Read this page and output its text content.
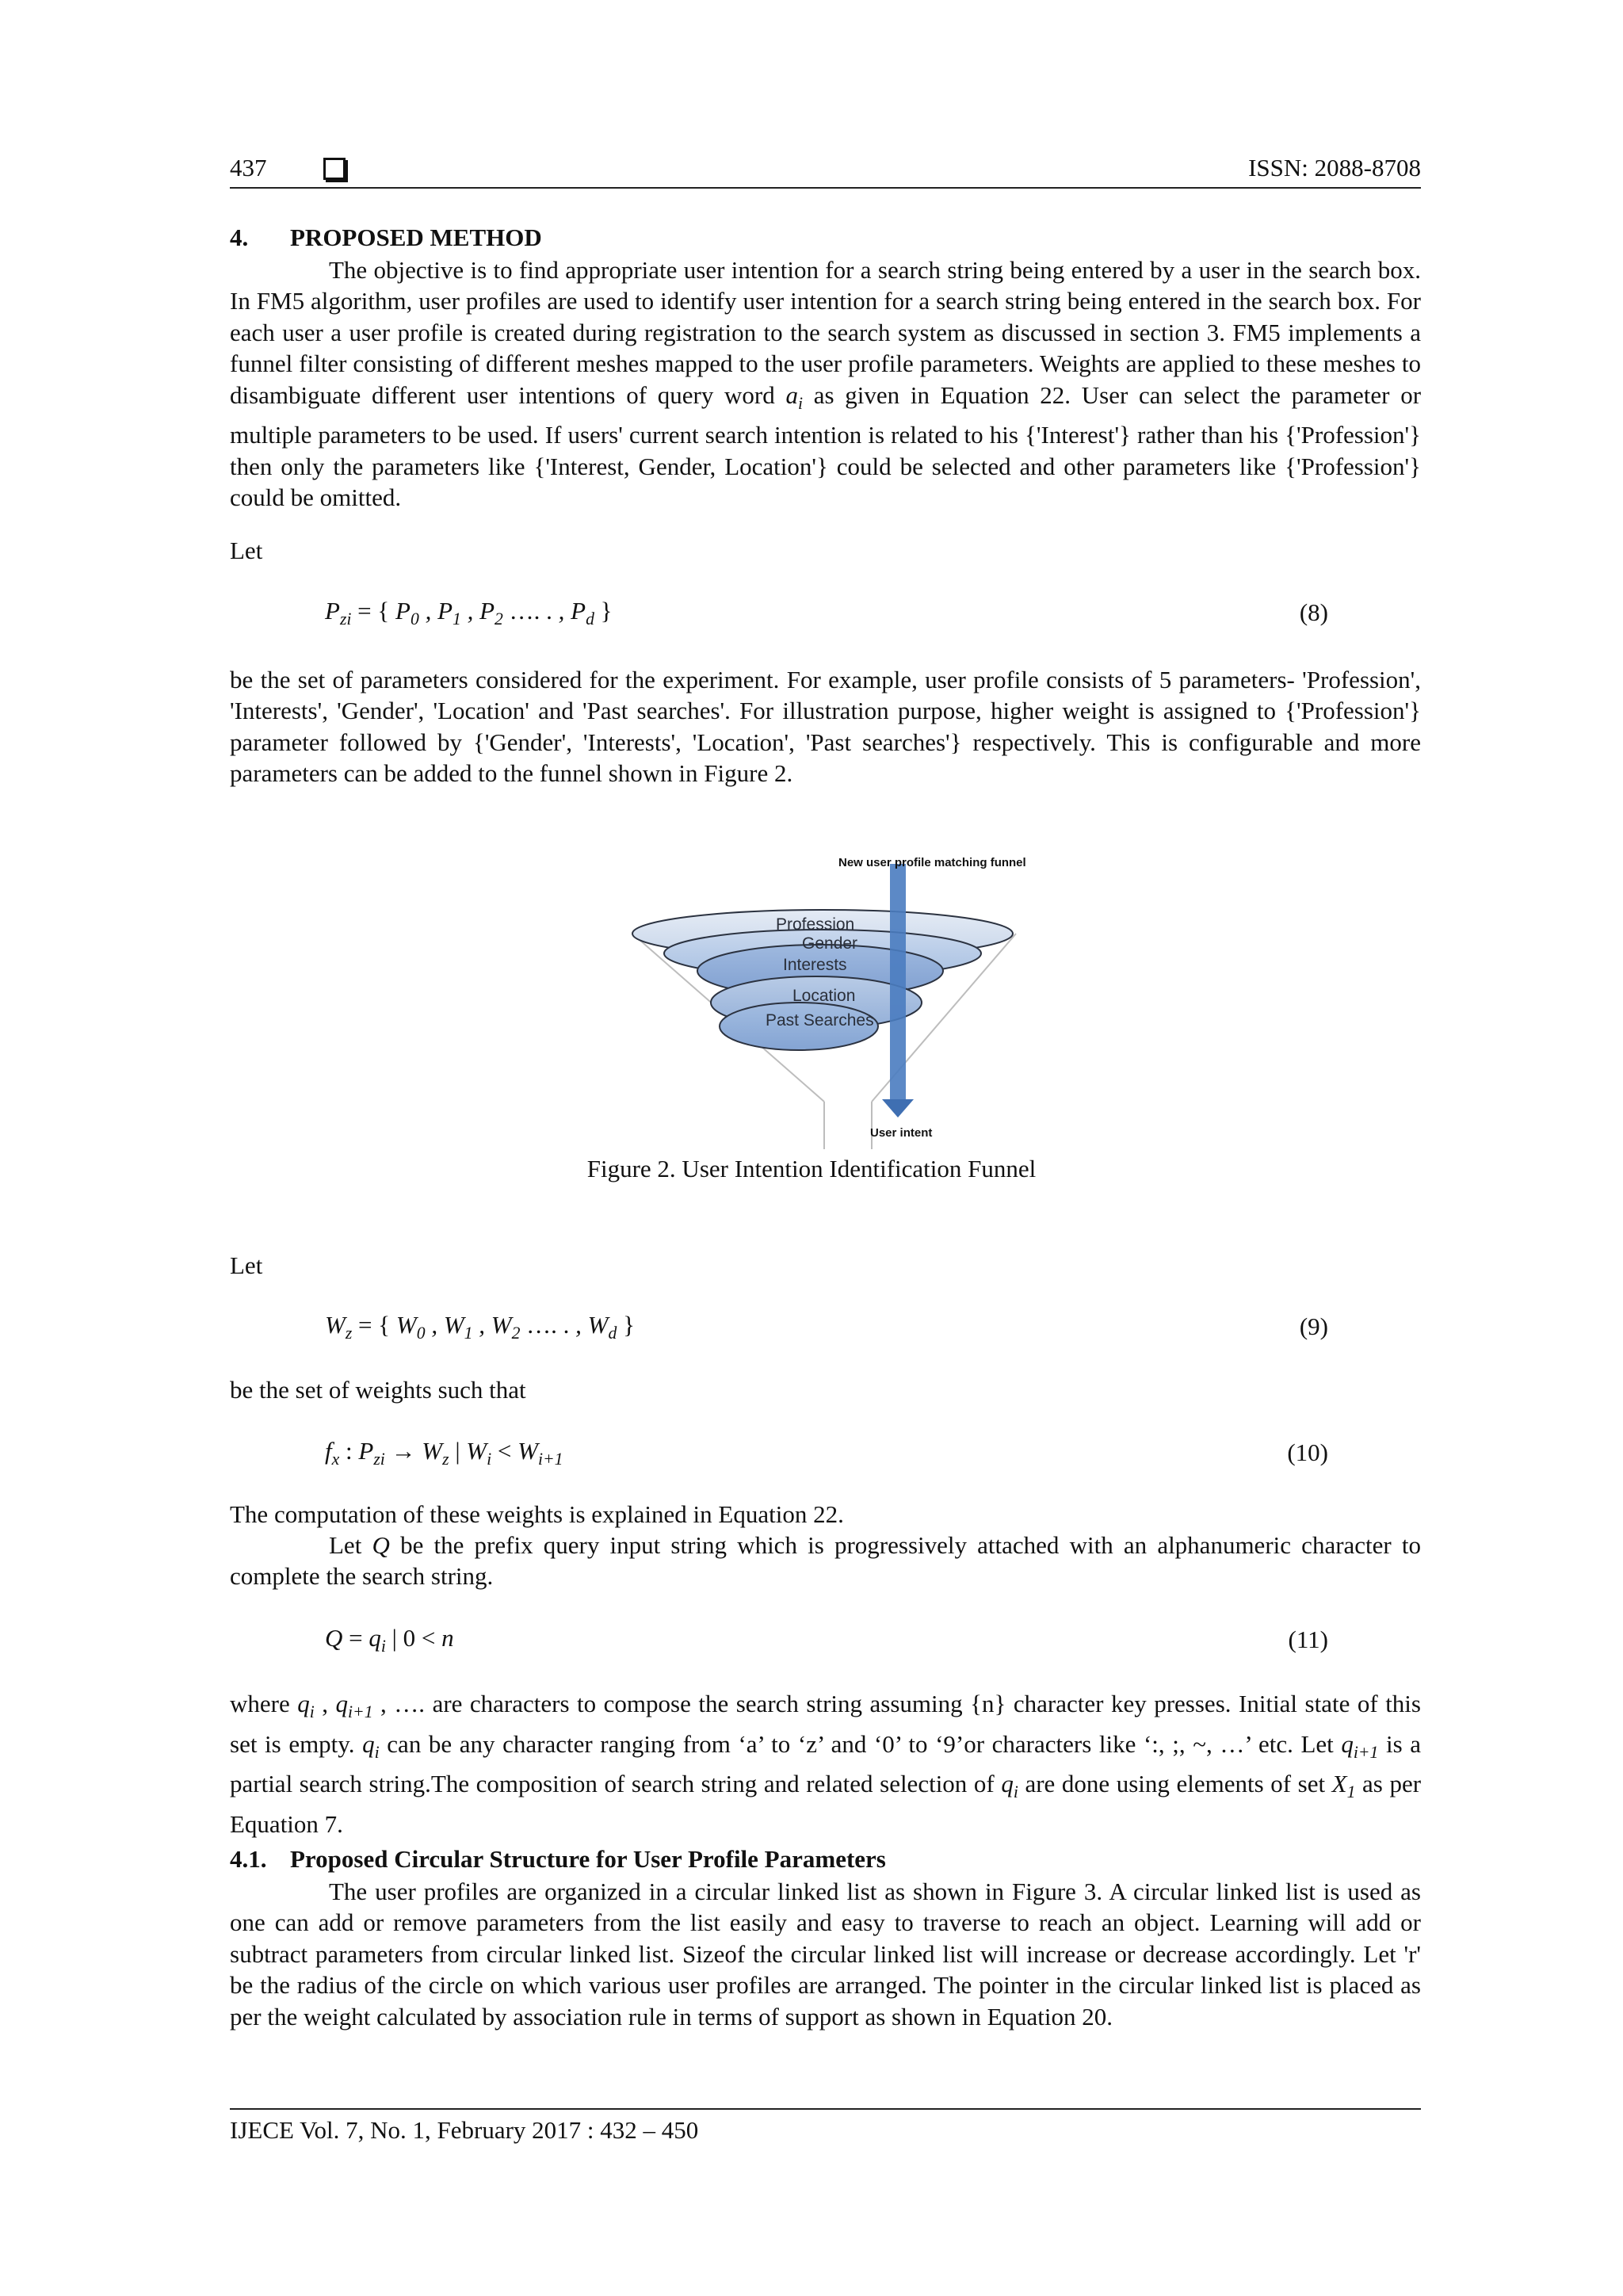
437	ISSN: 2088-8708
4. PROPOSED METHOD

The objective is to find appropriate user intention for a search string being entered by a user in the search box. In FM5 algorithm, user profiles are used to identify user intention for a search string being entered in the search box. For each user a user profile is created during registration to the search system as discussed in section 3. FM5 implements a funnel filter consisting of different meshes mapped to the user profile parameters. Weights are applied to these meshes to disambiguate different user intentions of query word $a_i$ as given in Equation 22. User can select the parameter or multiple parameters to be used. If users' current search intention is related to his {'Interest'} rather than his {'Profession'} then only the parameters like {'Interest, Gender, Location'} could be selected and other parameters like {'Profession'} could be omitted.

Let
$P_{zi}$ = { $P_0$ , $P_1$ , $P_2$ …. . , $P_d$ }	(8)

be the set of parameters considered for the experiment. For example, user profile consists of 5 parameters- 'Profession', 'Interests', 'Gender', 'Location' and 'Past searches'. For illustration purpose, higher weight is assigned to {'Profession'} parameter followed by {'Gender', 'Interests', 'Location', 'Past searches'} respectively. This is configurable and more parameters can be added to the funnel shown in Figure 2.

New user profile matching funnel
Profession
Gender
Interests
Location
Past Searches
User intent
Figure 2. User Intention Identification Funnel
Let
$W_z$ = { $W_0$ , $W_1$ , $W_2$ …. . , $W_d$ }	(9)
be the set of weights such that
$f_x$ : $P_{zi} \to W_z$ | $W_i < W_{i+1}$	(10)
The computation of these weights is explained in Equation 22.

Let Q be the prefix query input string which is progressively attached with an alphanumeric character to complete the search string.

$Q = q_i$ | 0 < n	(11)

where $q_i$ , $q_{i+1}$ , …. are characters to compose the search string assuming {n} character key presses. Initial state of this set is empty. $q_i$ can be any character ranging from ‘a’ to ‘z’ and ‘0’ to ‘9’or characters like ‘:, ;, ~, …’ etc. Let $q_{i+1}$ is a partial search string.The composition of search string and related selection of $q_i$ are done using elements of set $X_1$ as per Equation 7.

4.1. Proposed Circular Structure for User Profile Parameters

The user profiles are organized in a circular linked list as shown in Figure 3. A circular linked list is used as one can add or remove parameters from the list easily and easy to traverse to reach an object. Learning will add or subtract parameters from circular linked list. Sizeof the circular linked list will increase or decrease accordingly. Let 'r' be the radius of the circle on which various user profiles are arranged. The pointer in the circular linked list is placed as per the weight calculated by association rule in terms of support as shown in Equation 20.

IJECE Vol. 7, No. 1, February 2017 : 432 – 450
